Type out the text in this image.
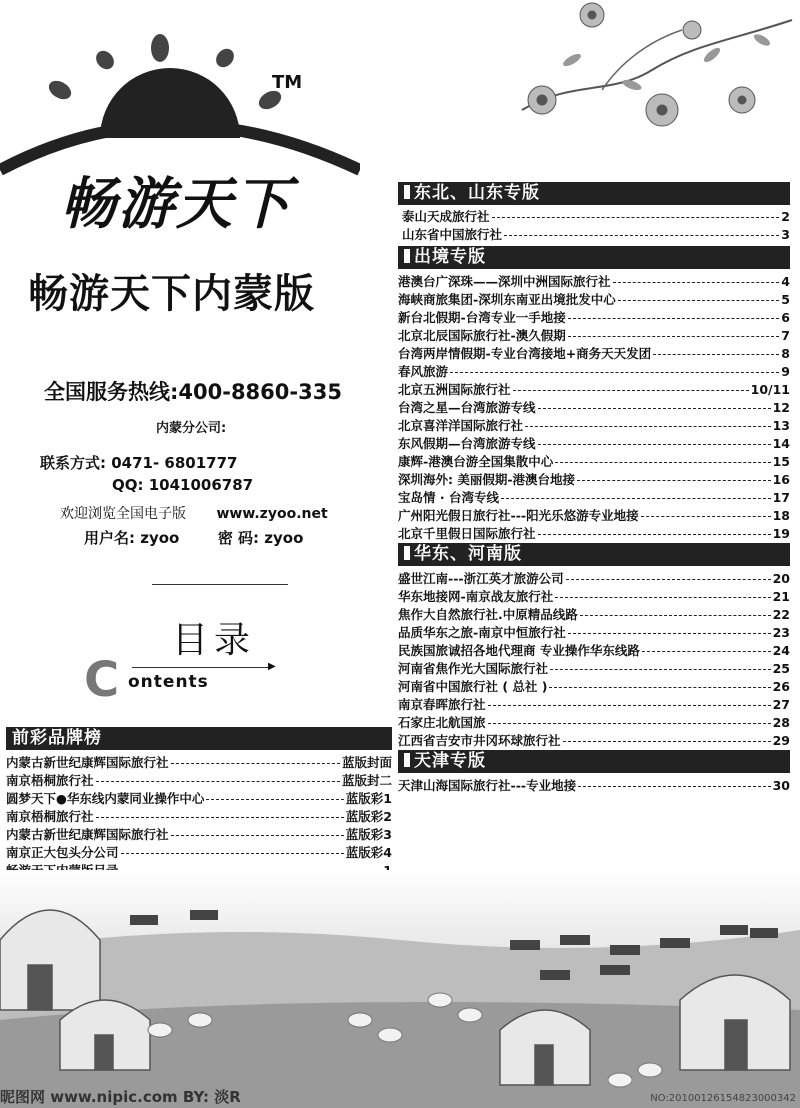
TM
畅游天下
畅游天下内蒙版
全国服务热线:400-8860-335
内蒙分公司:
联系方式: 0471- 6801777
QQ: 1041006787
欢迎浏览全国电子版 www.zyoo.net
用户名: zyoo	密 码: zyoo
目录
C	▶
ontents
前彩品牌榜
内蒙古新世纪康辉国际旅行社	蓝版封面
南京梧桐旅行社	蓝版封二
圆梦天下●华东线内蒙同业操作中心	蓝版彩1
南京梧桐旅行社	蓝版彩2
内蒙古新世纪康辉国际旅行社	蓝版彩3
南京正大包头分公司	蓝版彩4
东北、山东专版
泰山天成旅行社	2
山东省中国旅行社	3
出境专版
港澳台广深珠——深圳中洲国际旅行社	4
海峡商旅集团-深圳东南亚出境批发中心	5
新台北假期-台湾专业一手地接	6
北京北辰国际旅行社-澳久假期	7
台湾两岸情假期-专业台湾接地+商务天天发团	8
春风旅游	9
北京五洲国际旅行社	10/11
台湾之星—台湾旅游专线	12
北京喜洋洋国际旅行社	13
东风假期—台湾旅游专线	14
康辉-港澳台游全国集散中心	15
深圳海外: 美丽假期-港澳台地接	16
宝岛情 · 台湾专线	17
广州阳光假日旅行社---阳光乐悠游专业地接	18
北京千里假日国际旅行社	19
华东、河南版
盛世江南---浙江英才旅游公司	20
华东地接网-南京战友旅行社	21
焦作大自然旅行社.中原精品线路	22
品质华东之旅-南京中恒旅行社	23
民族国旅诚招各地代理商 专业操作华东线路	24
河南省焦作光大国际旅行社	25
河南省中国旅行社 ( 总社 )	26
南京春晖旅行社	27
石家庄北航国旅	28
江西省吉安市井冈环球旅行社	29
天津专版
天津山海国际旅行社---专业地接	30
昵图网 www.nipic.com BY: 淡R	NO:20100126154823000342
